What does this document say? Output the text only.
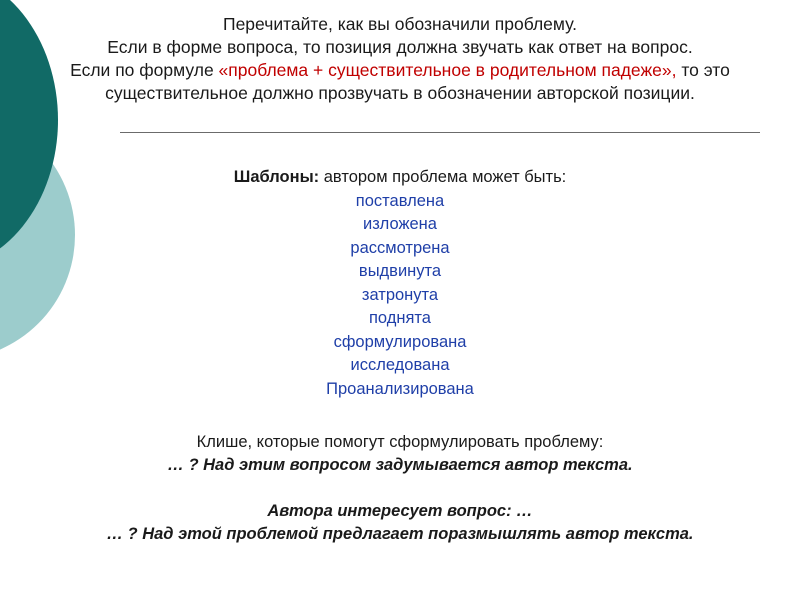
Перечитайте, как вы обозначили проблему.
Если в форме вопроса, то позиция должна звучать как ответ на вопрос.
Если по формуле «проблема + существительное в родительном падеже», то это
существительное должно прозвучать в обозначении авторской позиции.
Шаблоны: автором проблема может быть:
поставлена
изложена
рассмотрена
выдвинута
затронута
поднята
сформулирована
исследована
Проанализирована
Клише, которые помогут сформулировать проблему:
… ? Над этим вопросом задумывается автор текста.
Автора интересует вопрос: …
… ? Над этой проблемой предлагает поразмышлять автор текста.
